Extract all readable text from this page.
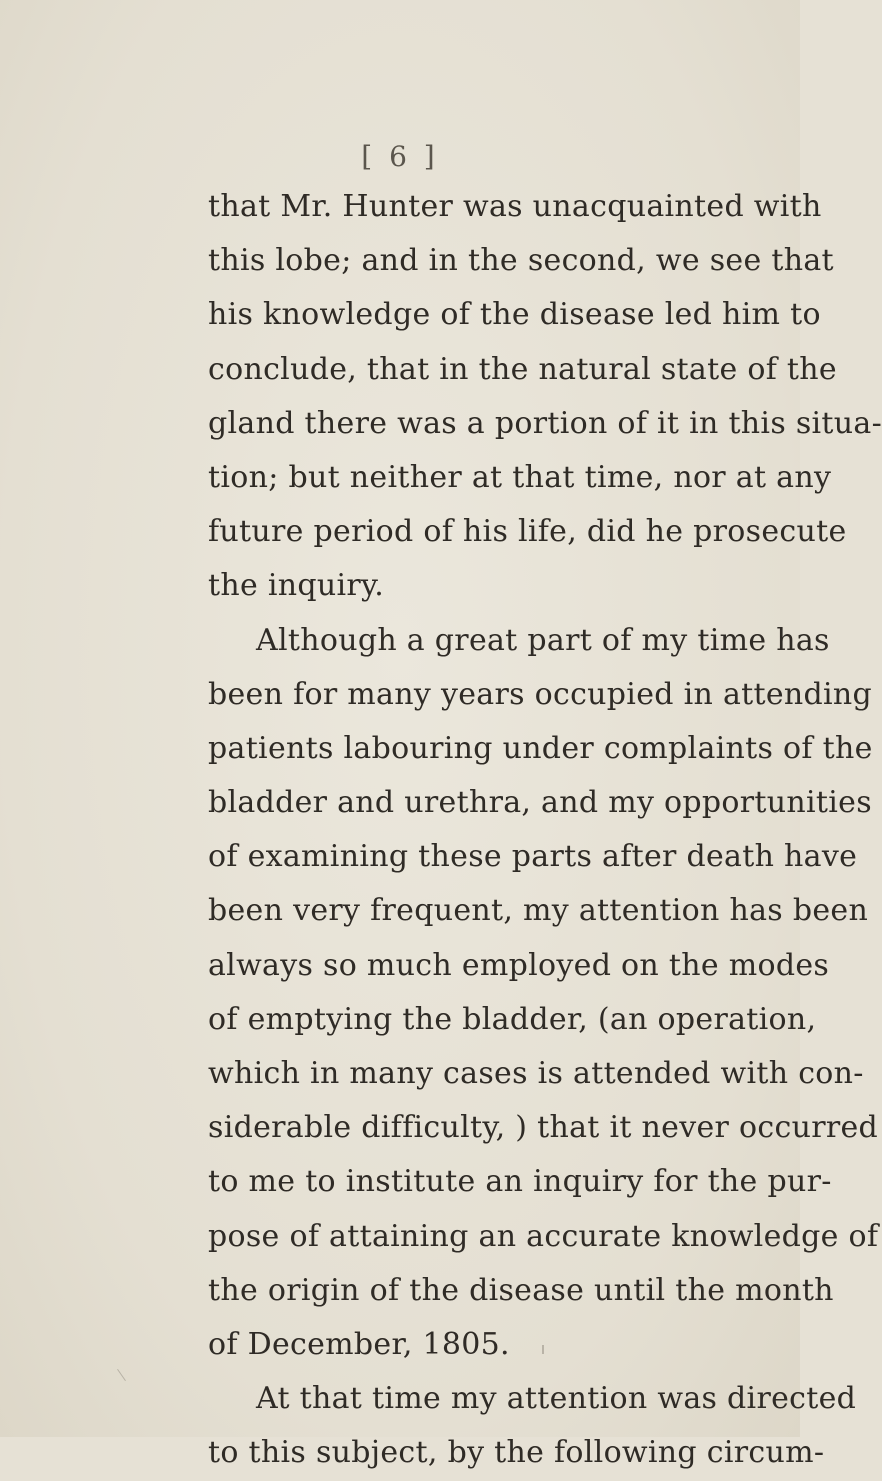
[ 6 ]
that Mr. Hunter was unacquainted with
this lobe; and in the second, we see that
his knowledge of the disease led him to
conclude, that in the natural state of the
gland there was a portion of it in this situa-
tion; but neither at that time, nor at any
future period of his life, did he prosecute
the inquiry.
Although a great part of my time has
been for many years occupied in attending
patients labouring under complaints of the
bladder and urethra, and my opportunities
of examining these parts after death have
been very frequent, my attention has been
always so much employed on the modes
of emptying the bladder, (an operation,
which in many cases is attended with con-
siderable difficulty, ) that it never occurred
to me to institute an inquiry for the pur-
pose of attaining an accurate knowledge of
the origin of the disease until the month
of December, 1805.
At that time my attention was directed
to this subject, by the following circum-
